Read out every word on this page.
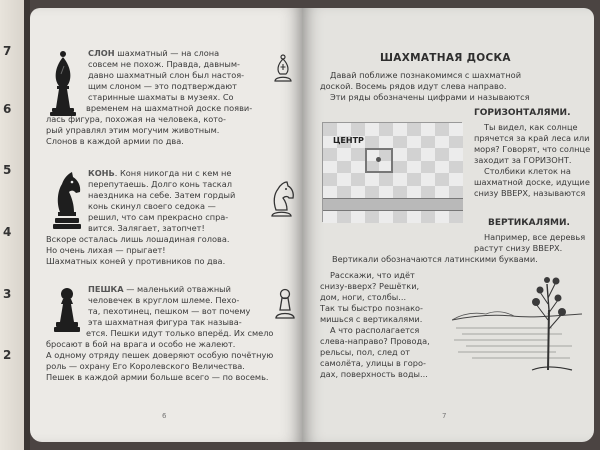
7
6
5
4
3
2
СЛОН шахматный — на слона
совсем не похож. Правда, давным-
давно шахматный слон был настоя-
щим слоном — это подтверждают
старинные шахматы в музеях. Со
временем на шахматной доске появи-
лась фигура, похожая на человека, кото-
рый управлял этим могучим животным.
Слонов в каждой армии по два.
КОНЬ. Коня никогда ни с кем не
перепутаешь. Долго конь таскал
наездника на себе. Затем гордый
конь скинул своего седока —
решил, что сам прекрасно спра-
вится. Залягает, затопчет!
Вскоре осталась лишь лошадиная голова.
Но очень лихая — прыгает!
Шахматных коней у противников по два.
ПЕШКА — маленький отважный
человечек в круглом шлеме. Пехо-
та, пехотинец, пешком — вот почему
эта шахматная фигура так называ-
ется. Пешки идут только вперёд. Их смело
бросают в бой на врага и особо не жалеют.
А одному отряду пешек доверяют особую почётную
роль — охрану Его Королевского Величества.
Пешек в каждой армии больше всего — по восемь.
6
ШАХМАТНАЯ ДОСКА
Давай поближе познакомимся с шахматной
доской. Восемь рядов идут слева направо.
Эти ряды обозначены цифрами и называются
ГОРИЗОНТАЛЯМИ.
ЦЕНТР
Ты видел, как солнце
прячется за край леса или
моря? Говорят, что солнце
заходит за ГОРИЗОНТ.
Столбики клеток на
шахматной доске, идущие
снизу ВВЕРХ, называются
ВЕРТИКАЛЯМИ.
Например, все деревья
растут снизу ВВЕРХ.
Вертикали обозначаются латинскими буквами.
Расскажи, что идёт
снизу-вверх? Решётки,
дом, ноги, столбы...
Так ты быстро познако-
мишься с вертикалями.
А что располагается
слева-направо? Провода,
рельсы, пол, след от
самолёта, улицы в горо-
дах, поверхность воды...
7
